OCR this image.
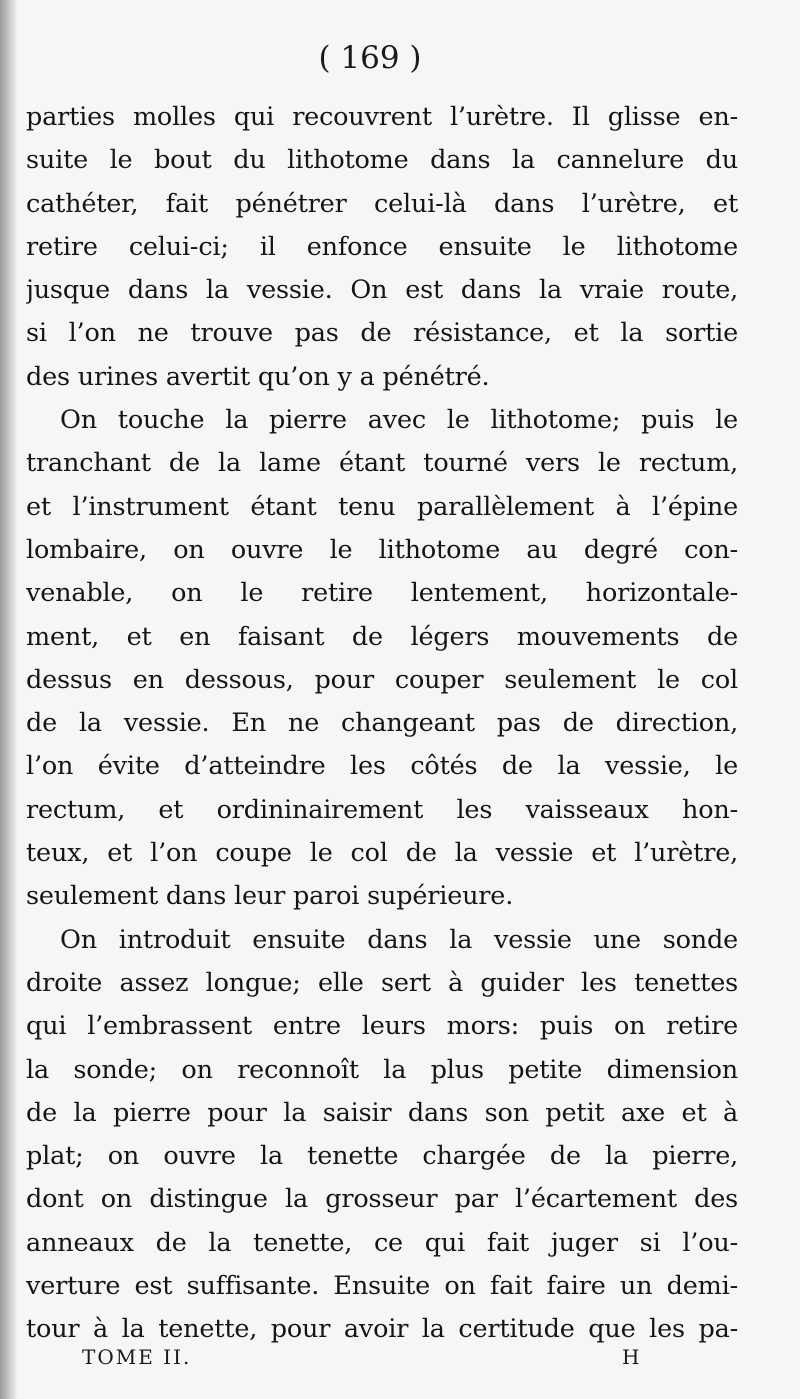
( 169 )
parties molles qui recouvrent l’urètre. Il glisse en-
suite le bout du lithotome dans la cannelure du
cathéter, fait pénétrer celui-là dans l’urètre, et
retire celui-ci; il enfonce ensuite le lithotome
jusque dans la vessie. On est dans la vraie route,
si l’on ne trouve pas de résistance, et la sortie
des urines avertit qu’on y a pénétré.
On touche la pierre avec le lithotome; puis le
tranchant de la lame étant tourné vers le rectum,
et l’instrument étant tenu parallèlement à l’épine
lombaire, on ouvre le lithotome au degré con-
venable, on le retire lentement, horizontale-
ment, et en faisant de légers mouvements de
dessus en dessous, pour couper seulement le col
de la vessie. En ne changeant pas de direction,
l’on évite d’atteindre les côtés de la vessie, le
rectum, et ordininairement les vaisseaux hon-
teux, et l’on coupe le col de la vessie et l’urètre,
seulement dans leur paroi supérieure.
On introduit ensuite dans la vessie une sonde
droite assez longue; elle sert à guider les tenettes
qui l’embrassent entre leurs mors: puis on retire
la sonde; on reconnoît la plus petite dimension
de la pierre pour la saisir dans son petit axe et à
plat; on ouvre la tenette chargée de la pierre,
dont on distingue la grosseur par l’écartement des
anneaux de la tenette, ce qui fait juger si l’ou-
verture est suffisante. Ensuite on fait faire un demi-
tour à la tenette, pour avoir la certitude que les pa-
TOME II.	H
